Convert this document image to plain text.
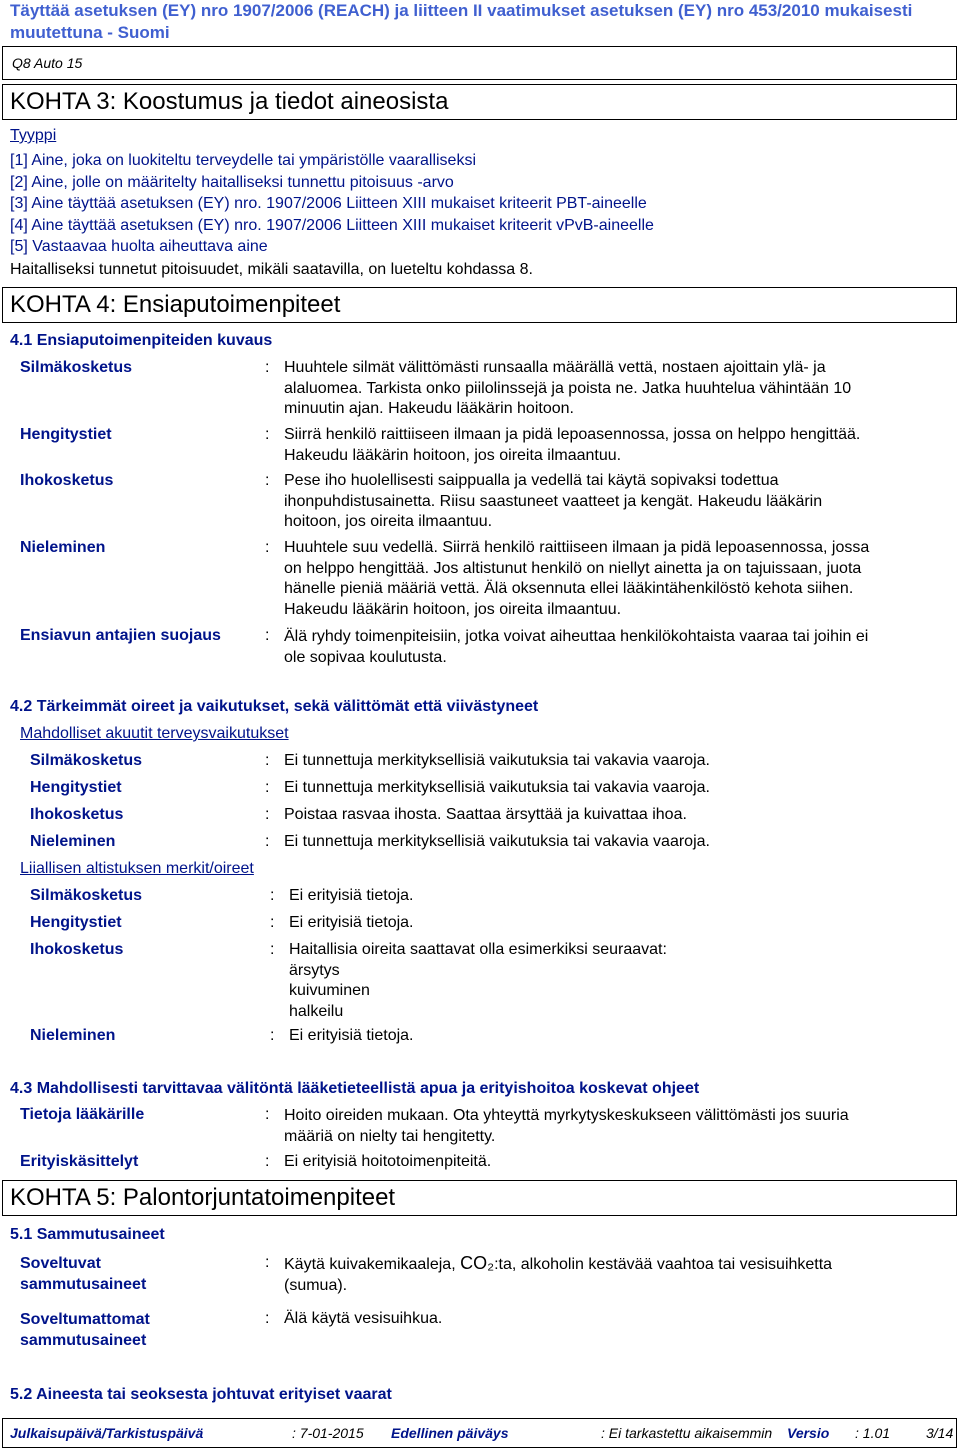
Täyttää asetuksen (EY) nro 1907/2006 (REACH) ja liitteen II vaatimukset asetuksen (EY) nro 453/2010 mukaisesti
muutettuna - Suomi
Q8 Auto 15
KOHTA 3: Koostumus ja tiedot aineosista
Tyyppi
[1] Aine, joka on luokiteltu terveydelle tai ympäristölle vaaralliseksi
[2] Aine, jolle on määritelty haitalliseksi tunnettu pitoisuus -arvo
[3] Aine täyttää asetuksen (EY) nro. 1907/2006 Liitteen XIII mukaiset kriteerit PBT-aineelle
[4] Aine täyttää asetuksen (EY) nro. 1907/2006 Liitteen XIII mukaiset kriteerit vPvB-aineelle
[5] Vastaavaa huolta aiheuttava aine
Haitalliseksi tunnetut pitoisuudet, mikäli saatavilla, on lueteltu kohdassa 8.
KOHTA 4: Ensiaputoimenpiteet
4.1 Ensiaputoimenpiteiden kuvaus
Silmäkosketus	: Huuhtele silmät välittömästi runsaalla määrällä vettä, nostaen ajoittain ylä- ja
alaluomea. Tarkista onko piilolinssejä ja poista ne. Jatka huuhtelua vähintään 10
minuutin ajan. Hakeudu lääkärin hoitoon.
Hengitystiet	: Siirrä henkilö raittiiseen ilmaan ja pidä lepoasennossa, jossa on helppo hengittää.
Hakeudu lääkärin hoitoon, jos oireita ilmaantuu.
Ihokosketus	: Pese iho huolellisesti saippualla ja vedellä tai käytä sopivaksi todettua
ihonpuhdistusainetta. Riisu saastuneet vaatteet ja kengät. Hakeudu lääkärin
hoitoon, jos oireita ilmaantuu.
Nieleminen	: Huuhtele suu vedellä. Siirrä henkilö raittiiseen ilmaan ja pidä lepoasennossa, jossa
on helppo hengittää. Jos altistunut henkilö on niellyt ainetta ja on tajuissaan, juota
hänelle pieniä määriä vettä. Älä oksennuta ellei lääkintähenkilöstö kehota siihen.
Hakeudu lääkärin hoitoon, jos oireita ilmaantuu.
Ensiavun antajien suojaus	: Älä ryhdy toimenpiteisiin, jotka voivat aiheuttaa henkilökohtaista vaaraa tai joihin ei
ole sopivaa koulutusta.
4.2 Tärkeimmät oireet ja vaikutukset, sekä välittömät että viivästyneet
Mahdolliset akuutit terveysvaikutukset
Silmäkosketus	: Ei tunnettuja merkityksellisiä vaikutuksia tai vakavia vaaroja.
Hengitystiet	: Ei tunnettuja merkityksellisiä vaikutuksia tai vakavia vaaroja.
Ihokosketus	: Poistaa rasvaa ihosta. Saattaa ärsyttää ja kuivattaa ihoa.
Nieleminen	: Ei tunnettuja merkityksellisiä vaikutuksia tai vakavia vaaroja.
Liiallisen altistuksen merkit/oireet
Silmäkosketus	: Ei erityisiä tietoja.
Hengitystiet	: Ei erityisiä tietoja.
Ihokosketus	: Haitallisia oireita saattavat olla esimerkiksi seuraavat:
ärsytys
kuivuminen
halkeilu
Nieleminen	: Ei erityisiä tietoja.
4.3 Mahdollisesti tarvittavaa välitöntä lääketieteellistä apua ja erityishoitoa koskevat ohjeet
Tietoja lääkärille	: Hoito oireiden mukaan. Ota yhteyttä myrkytyskeskukseen välittömästi jos suuria
määriä on nielty tai hengitetty.
Erityiskäsittelyt	: Ei erityisiä hoitotoimenpiteitä.
KOHTA 5: Palontorjuntatoimenpiteet
5.1 Sammutusaineet
Soveltuvat
sammutusaineet
: Käytä kuivakemikaaleja, CO₂:ta, alkoholin kestävää vaahtoa tai vesisuihketta
(sumua).
Soveltumattomat
sammutusaineet
: Älä käytä vesisuihkua.
5.2 Aineesta tai seoksesta johtuvat erityiset vaarat
Julkaisupäivä/Tarkistuspäivä	: 7-01-2015 Edellinen päiväys	: Ei tarkastettu aikaisemmin Versio : 1.01	3/14
